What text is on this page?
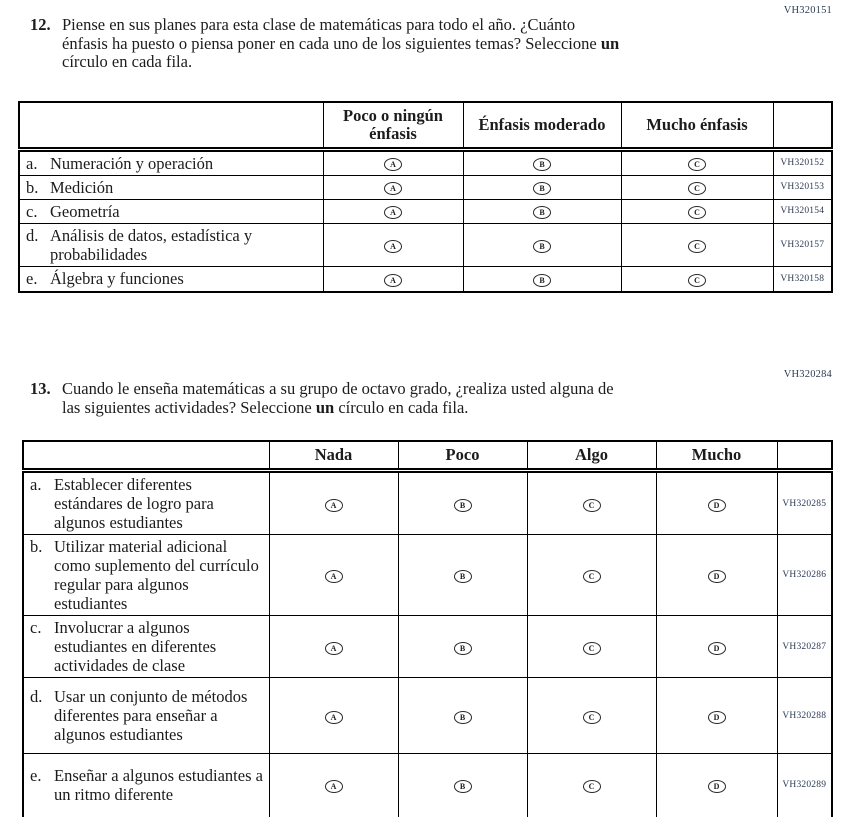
VH320151
12. Piense en sus planes para esta clase de matemáticas para todo el año. ¿Cuánto
énfasis ha puesto o piensa poner en cada uno de los siguientes temas? Seleccione un
círculo en cada fila.
	Poco o ningún énfasis	Énfasis moderado	Mucho énfasis	

a. Numeración y operación	A	B	C	VH320152

b. Medición	A	B	C	VH320153

c. Geometría	A	B	C	VH320154

d. Análisis de datos, estadística y probabilidades	A	B	C	VH320157

e. Álgebra y funciones	A	B	C	VH320158
VH320284
13. Cuando le enseña matemáticas a su grupo de octavo grado, ¿realiza usted alguna de
las siguientes actividades? Seleccione un círculo en cada fila.
	Nada	Poco	Algo	Mucho	

a. Establecer diferentes estándares de logro para algunos estudiantes	A	B	C	D	VH320285

b. Utilizar material adicional como suplemento del currículo regular para algunos estudiantes	A	B	C	D	VH320286

c. Involucrar a algunos estudiantes en diferentes actividades de clase	A	B	C	D	VH320287

d. Usar un conjunto de métodos diferentes para enseñar a algunos estudiantes	A	B	C	D	VH320288

e. Enseñar a algunos estudiantes a un ritmo diferente	A	B	C	D	VH320289
